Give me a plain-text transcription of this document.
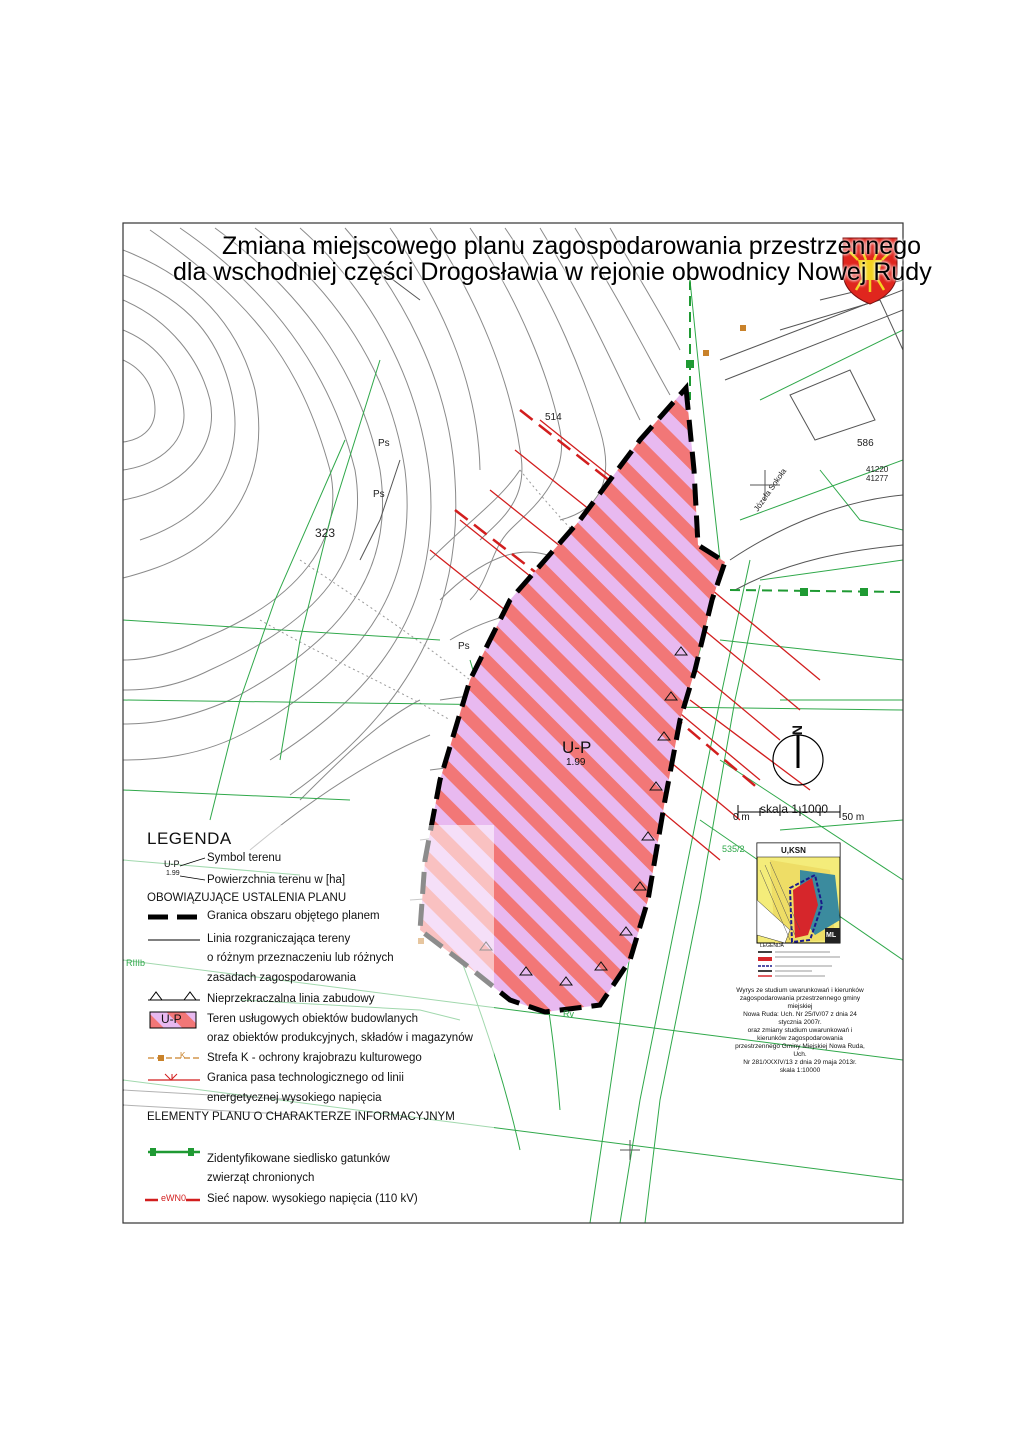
Zmiana miejscowego planu zagospodarowania przestrzennego
dla wschodniej części Drogosławia w rejonie obwodnicy Nowej Rudy
323
586
514
41220
41277
Ps
Ps
Ps
Rv
RIIIb
Józefa Sokoła
535/2
U-P
1.99
N
skala 1:1000
0 m	50 m
U,KSN
ML
LEGENDA
Wyrys ze studium uwarunkowań i kierunków
zagospodarowania przestrzennego gminy miejskiej
Nowa Ruda: Uch. Nr 25/IV/07 z dnia 24 stycznia 2007r.
oraz zmiany studium uwarunkowań i kierunków zagospodarowania
przestrzennego Gminy Miejskiej Nowa Ruda, Uch.
Nr 281/XXXIV/13 z dnia 29 maja 2013r.
skala 1:10000
LEGENDA
U-P
1.99
Symbol terenu
Powierzchnia terenu w [ha]
OBOWIĄZUJĄCE USTALENIA PLANU
Granica obszaru objętego planem
Linia rozgraniczająca tereny
o różnym przeznaczeniu lub różnych
zasadach zagospodarowania
Nieprzekraczalna linia zabudowy
U-P Teren usługowych obiektów budowlanych
oraz obiektów produkcyjnych, składów i magazynów
K Strefa K - ochrony krajobrazu kulturowego
Granica pasa technologicznego od linii
energetycznej wysokiego napięcia
ELEMENTY PLANU O CHARAKTERZE INFORMACYJNYM
Zidentyfikowane siedlisko gatunków
zwierząt chronionych
eWN0 Sieć napow. wysokiego napięcia (110 kV)
